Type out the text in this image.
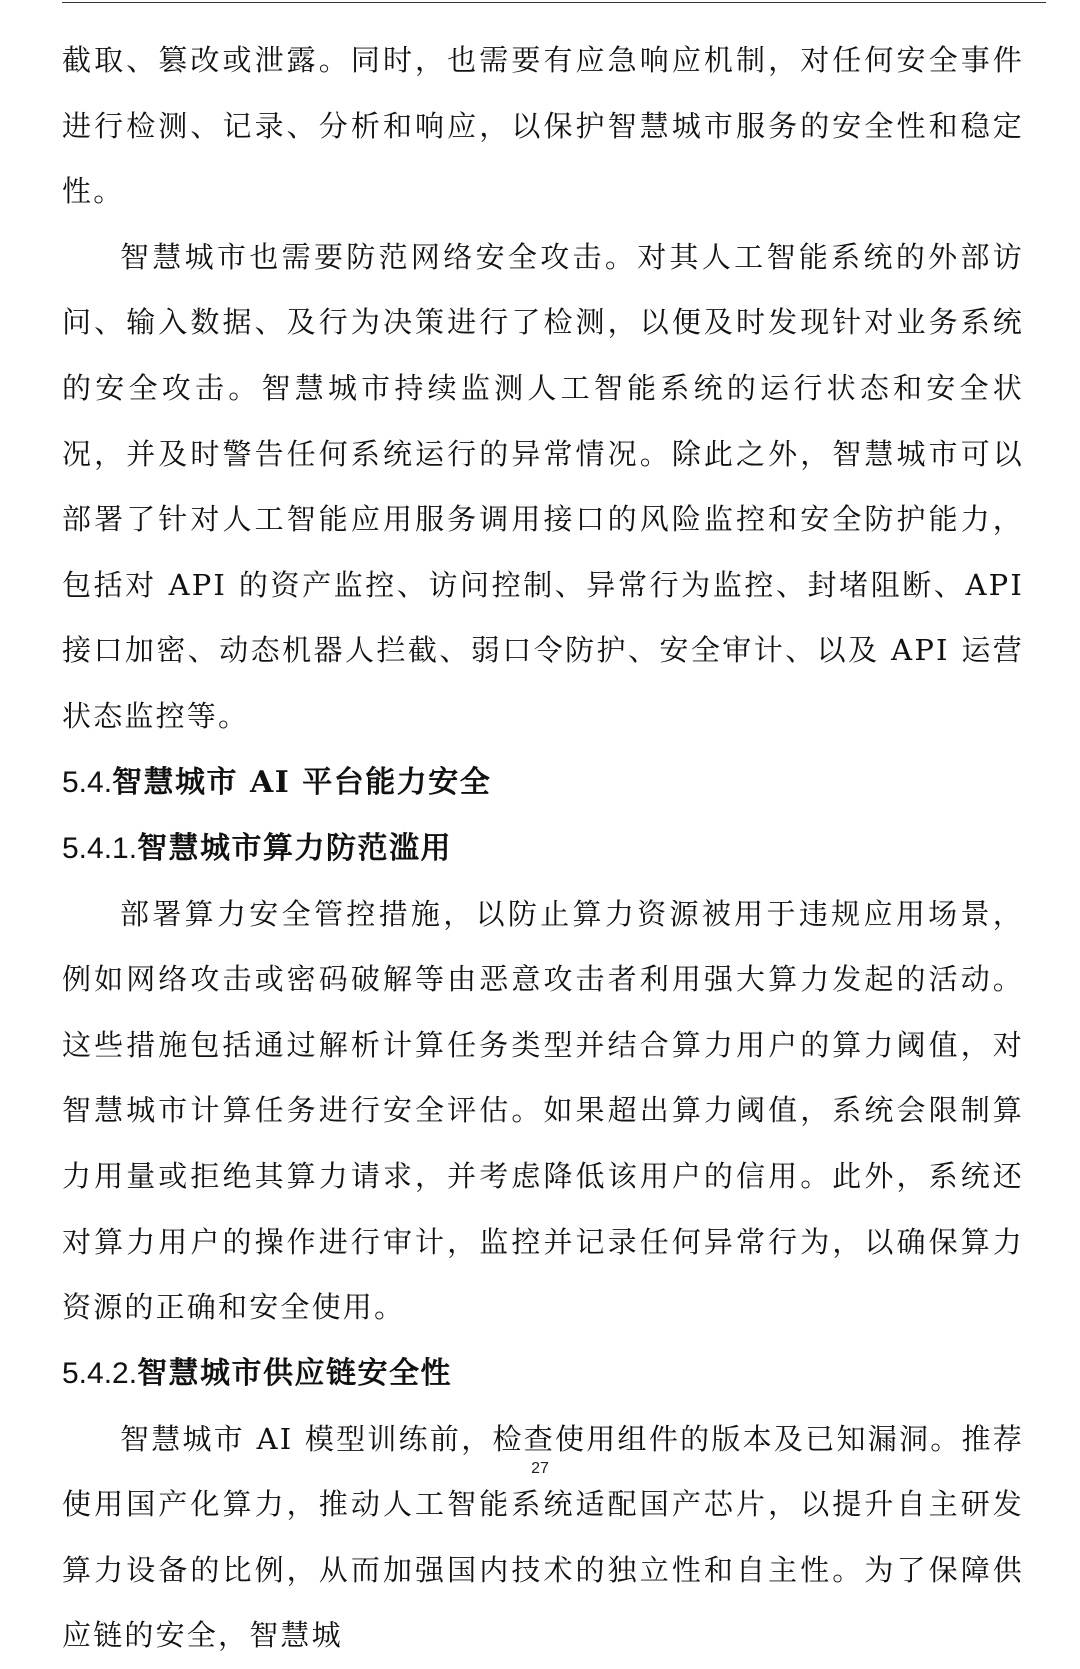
截取、篡改或泄露。同时，也需要有应急响应机制，对任何安全事件进行检测、记录、分析和响应，以保护智慧城市服务的安全性和稳定性。

智慧城市也需要防范网络安全攻击。对其人工智能系统的外部访问、输入数据、及行为决策进行了检测，以便及时发现针对业务系统的安全攻击。智慧城市持续监测人工智能系统的运行状态和安全状况，并及时警告任何系统运行的异常情况。除此之外，智慧城市可以部署了针对人工智能应用服务调用接口的风险监控和安全防护能力，包括对 API 的资产监控、访问控制、异常行为监控、封堵阻断、API 接口加密、动态机器人拦截、弱口令防护、安全审计、以及 API 运营状态监控等。

5.4.智慧城市 AI 平台能力安全
5.4.1.智慧城市算力防范滥用

部署算力安全管控措施，以防止算力资源被用于违规应用场景，例如网络攻击或密码破解等由恶意攻击者利用强大算力发起的活动。这些措施包括通过解析计算任务类型并结合算力用户的算力阈值，对智慧城市计算任务进行安全评估。如果超出算力阈值，系统会限制算力用量或拒绝其算力请求，并考虑降低该用户的信用。此外，系统还对算力用户的操作进行审计，监控并记录任何异常行为，以确保算力资源的正确和安全使用。

5.4.2.智慧城市供应链安全性

智慧城市 AI 模型训练前，检查使用组件的版本及已知漏洞。推荐使用国产化算力，推动人工智能系统适配国产芯片，以提升自主研发算力设备的比例，从而加强国内技术的独立性和自主性。为了保障供应链的安全，智慧城

27
